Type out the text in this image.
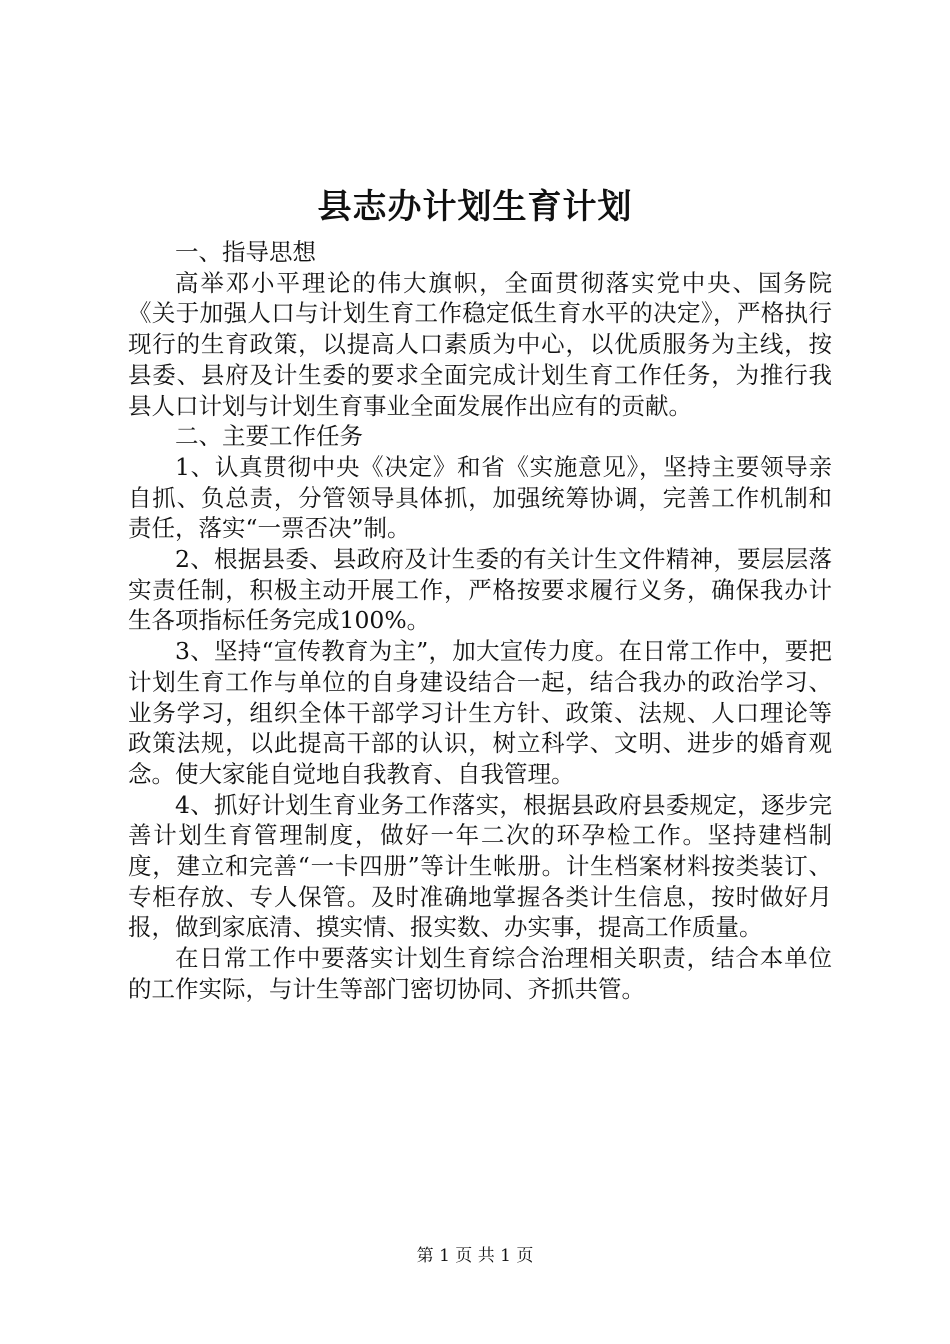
县志办计划生育计划

一、指导思想

高举邓小平理论的伟大旗帜，全面贯彻落实党中央、国务院《关于加强人口与计划生育工作稳定低生育水平的决定》，严格执行现行的生育政策，以提高人口素质为中心，以优质服务为主线，按县委、县府及计生委的要求全面完成计划生育工作任务，为推行我县人口计划与计划生育事业全面发展作出应有的贡献。

二、主要工作任务

1、认真贯彻中央《决定》和省《实施意见》，坚持主要领导亲自抓、负总责，分管领导具体抓，加强统筹协调，完善工作机制和责任，落实“一票否决”制。

2、根据县委、县政府及计生委的有关计生文件精神，要层层落实责任制，积极主动开展工作，严格按要求履行义务，确保我办计生各项指标任务完成100%。

3、坚持“宣传教育为主”，加大宣传力度。在日常工作中，要把计划生育工作与单位的自身建设结合一起，结合我办的政治学习、业务学习，组织全体干部学习计生方针、政策、法规、人口理论等政策法规，以此提高干部的认识，树立科学、文明、进步的婚育观念。使大家能自觉地自我教育、自我管理。

4、抓好计划生育业务工作落实，根据县政府县委规定，逐步完善计划生育管理制度，做好一年二次的环孕检工作。坚持建档制度，建立和完善“一卡四册”等计生帐册。计生档案材料按类装订、专柜存放、专人保管。及时准确地掌握各类计生信息，按时做好月报，做到家底清、摸实情、报实数、办实事，提高工作质量。

在日常工作中要落实计划生育综合治理相关职责，结合本单位的工作实际，与计生等部门密切协同、齐抓共管。

第 1 页 共 1 页
